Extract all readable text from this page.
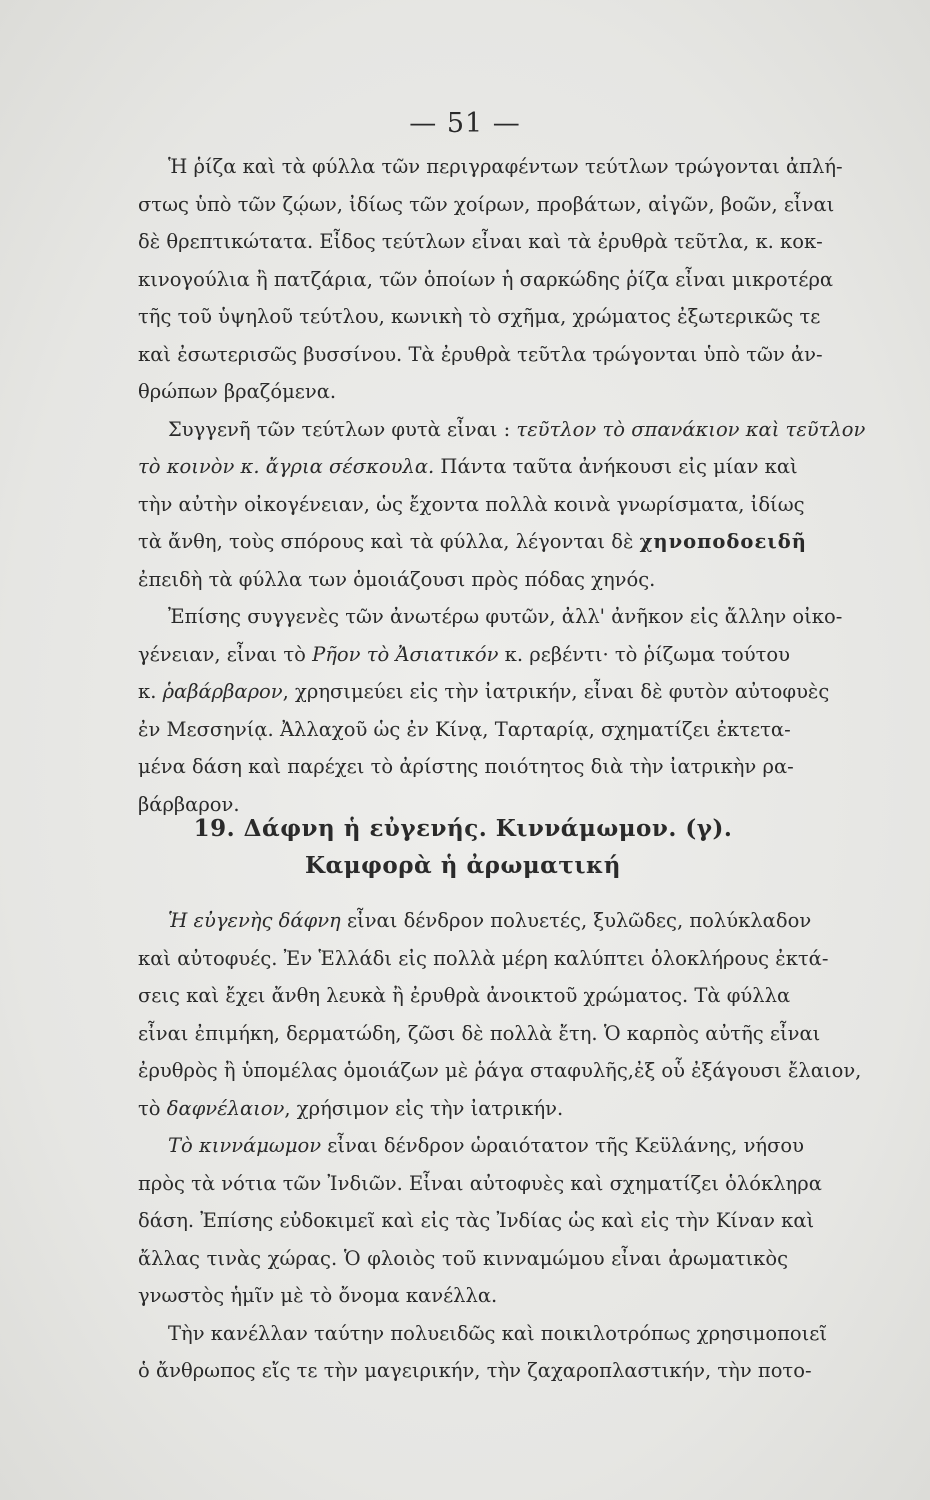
— 51 —
Ἡ ῥίζα καὶ τὰ φύλλα τῶν περιγραφέντων τεύτλων τρώγονται ἀπλή-
στως ὑπὸ τῶν ζῴων, ἰδίως τῶν χοίρων, προβάτων, αἰγῶν, βοῶν, εἶναι
δὲ θρεπτικώτατα. Εἶδος τεύτλων εἶναι καὶ τὰ ἐρυθρὰ τεῦτλα, κ. κοκ-
κινογούλια ἢ πατζάρια, τῶν ὁποίων ἡ σαρκώδης ῥίζα εἶναι μικροτέρα
τῆς τοῦ ὑψηλοῦ τεύτλου, κωνικὴ τὸ σχῆμα, χρώματος ἐξωτερικῶς τε
καὶ ἐσωτερισῶς βυσσίνου. Τὰ ἐρυθρὰ τεῦτλα τρώγονται ὑπὸ τῶν ἀν-
θρώπων βραζόμενα.
Συγγενῆ τῶν τεύτλων φυτὰ εἶναι : τεῦτλον τὸ σπανάκιον καὶ τεῦτλον
τὸ κοινὸν κ. ἄγρια σέσκουλα. Πάντα ταῦτα ἀνήκουσι εἰς μίαν καὶ
τὴν αὐτὴν οἰκογένειαν, ὡς ἔχοντα πολλὰ κοινὰ γνωρίσματα, ἰδίως
τὰ ἄνθη, τοὺς σπόρους καὶ τὰ φύλλα, λέγονται δὲ χηνοποδοειδῆ
ἐπειδὴ τὰ φύλλα των ὁμοιάζουσι πρὸς πόδας χηνός.
Ἐπίσης συγγενὲς τῶν ἀνωτέρω φυτῶν, ἀλλ' ἀνῆκον εἰς ἄλλην οἰκο-
γένειαν, εἶναι τὸ Ρῆον τὸ Ἀσιατικόν κ. ρεβέντι· τὸ ῥίζωμα τούτου
κ. ῥαβάρβαρον, χρησιμεύει εἰς τὴν ἰατρικήν, εἶναι δὲ φυτὸν αὐτοφυὲς
ἐν Μεσσηνίᾳ. Ἀλλαχοῦ ὡς ἐν Κίνᾳ, Ταρταρίᾳ, σχηματίζει ἐκτετα-
μένα δάση καὶ παρέχει τὸ ἀρίστης ποιότητος διὰ τὴν ἰατρικὴν ρα-
βάρβαρον.
19. Δάφνη ἡ εὐγενής. Κιννάμωμον. (γ).
Καμφορὰ ἡ ἀρωματική
Ἡ εὐγενὴς δάφνη εἶναι δένδρον πολυετές, ξυλῶδες, πολύκλαδον
καὶ αὐτοφυές. Ἐν Ἑλλάδι εἰς πολλὰ μέρη καλύπτει ὁλοκλήρους ἐκτά-
σεις καὶ ἔχει ἄνθη λευκὰ ἢ ἐρυθρὰ ἀνοικτοῦ χρώματος. Τὰ φύλλα
εἶναι ἐπιμήκη, δερματώδη, ζῶσι δὲ πολλὰ ἔτη. Ὁ καρπὸς αὐτῆς εἶναι
ἐρυθρὸς ἢ ὑπομέλας ὁμοιάζων μὲ ῥάγα σταφυλῆς,ἐξ οὗ ἐξάγουσι ἔλαιον,
τὸ δαφνέλαιον, χρήσιμον εἰς τὴν ἰατρικήν.
Τὸ κιννάμωμον εἶναι δένδρον ὡραιότατον τῆς Κεϋλάνης, νήσου
πρὸς τὰ νότια τῶν Ἰνδιῶν. Εἶναι αὐτοφυὲς καὶ σχηματίζει ὁλόκληρα
δάση. Ἐπίσης εὐδοκιμεῖ καὶ εἰς τὰς Ἰνδίας ὡς καὶ εἰς τὴν Κίναν καὶ
ἄλλας τινὰς χώρας. Ὁ φλοιὸς τοῦ κινναμώμου εἶναι ἀρωματικὸς
γνωστὸς ἡμῖν μὲ τὸ ὄνομα κανέλλα.
Τὴν κανέλλαν ταύτην πολυειδῶς καὶ ποικιλοτρόπως χρησιμοποιεῖ
ὁ ἄνθρωπος εἴς τε τὴν μαγειρικήν, τὴν ζαχαροπλαστικήν, τὴν ποτο-
